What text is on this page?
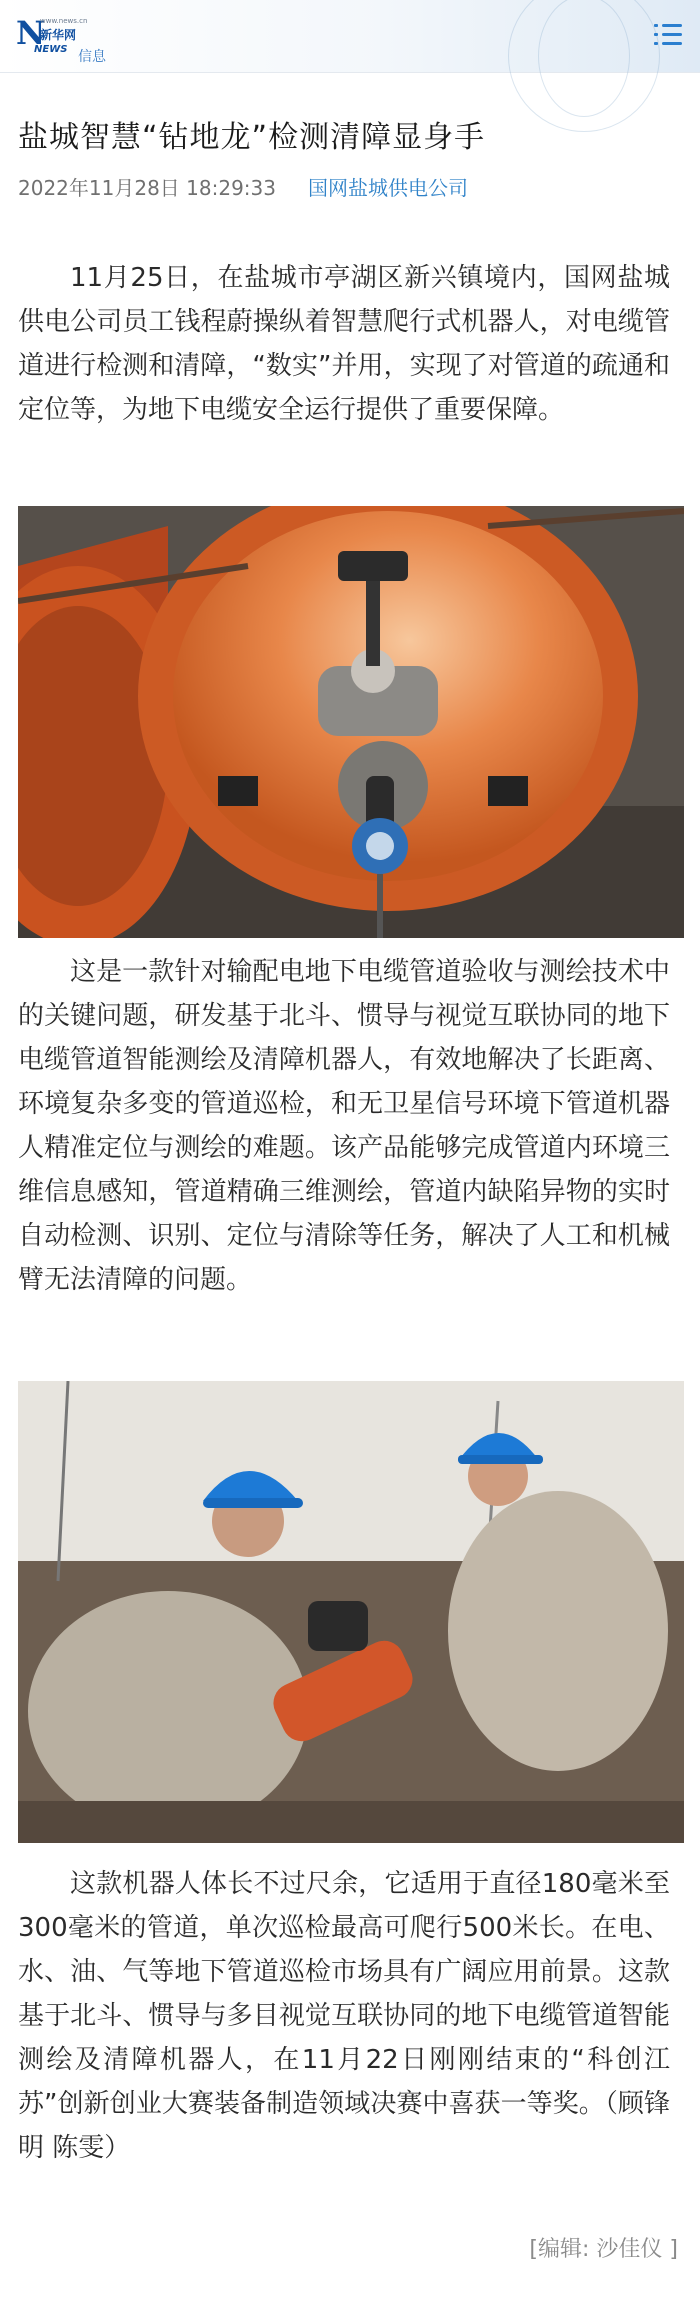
N
www.news.cn
新华网
NEWS 信息
盐城智慧“钻地龙”检测清障显身手
2022年11月28日 18:29:33 国网盐城供电公司

11月25日，在盐城市亭湖区新兴镇境内，国网盐城供电公司员工钱程蔚操纵着智慧爬行式机器人，对电缆管道进行检测和清障，“数实”并用，实现了对管道的疏通和定位等，为地下电缆安全运行提供了重要保障。

这是一款针对输配电地下电缆管道验收与测绘技术中的关键问题，研发基于北斗、惯导与视觉互联协同的地下电缆管道智能测绘及清障机器人，有效地解决了长距离、环境复杂多变的管道巡检，和无卫星信号环境下管道机器人精准定位与测绘的难题。该产品能够完成管道内环境三维信息感知，管道精确三维测绘，管道内缺陷异物的实时自动检测、识别、定位与清除等任务，解决了人工和机械臂无法清障的问题。

这款机器人体长不过尺余，它适用于直径180毫米至300毫米的管道，单次巡检最高可爬行500米长。在电、水、油、气等地下管道巡检市场具有广阔应用前景。这款基于北斗、惯导与多目视觉互联协同的地下电缆管道智能测绘及清障机器人，在11月22日刚刚结束的“科创江苏”创新创业大赛装备制造领域决赛中喜获一等奖。（顾锋明 陈雯）

[编辑: 沙佳仪 ]
